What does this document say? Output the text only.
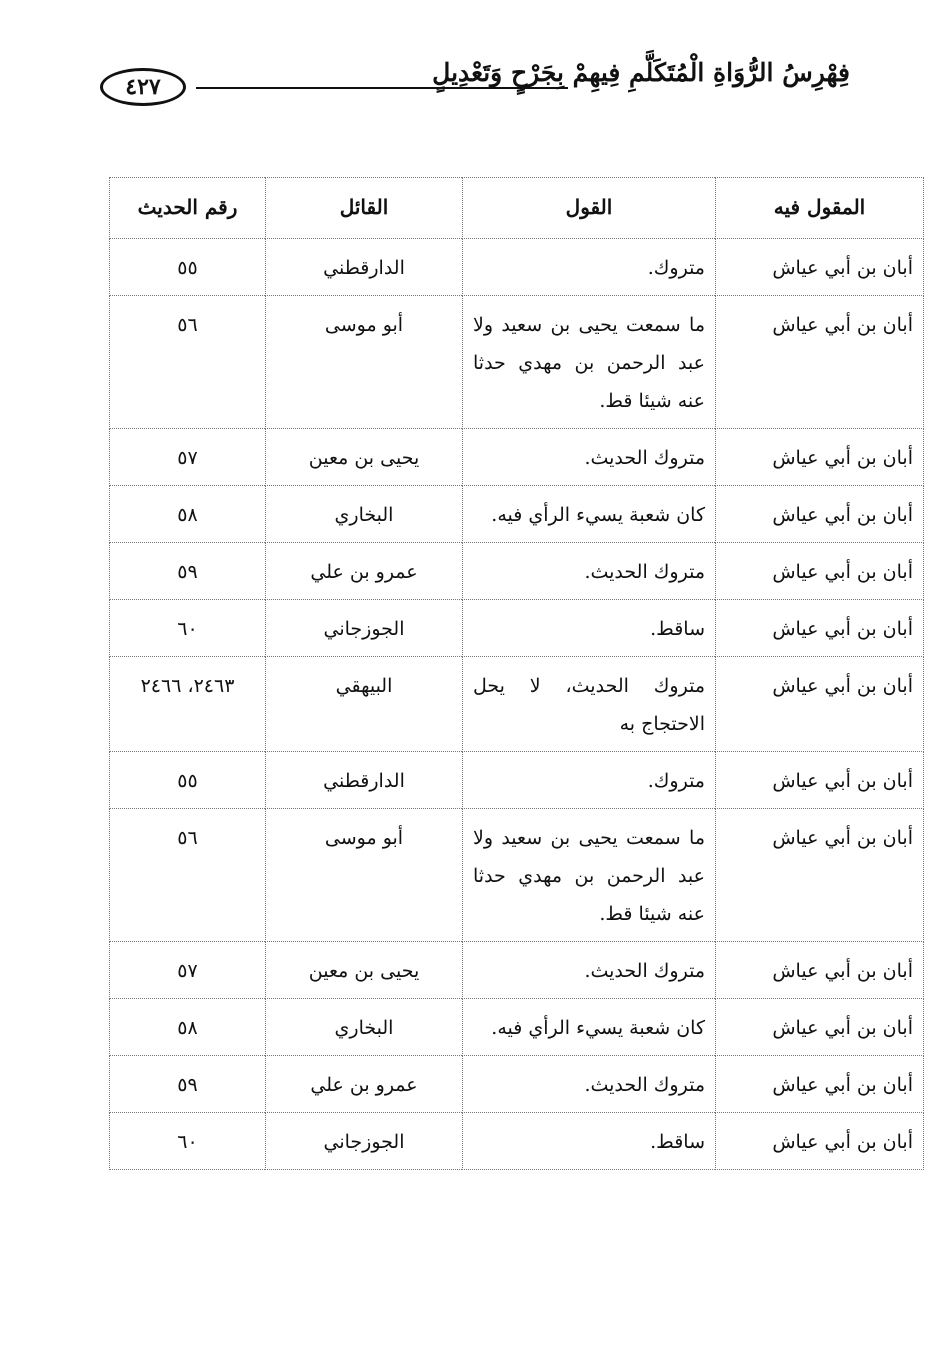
٤٢٧	فِهْرِسُ الرُّوَاةِ الْمُتَكَلَّمِ فِيهِمْ بِجَرْحٍ وَتَعْدِيلٍ
المقول فيه	القول	القائل	رقم الحديث
أبان بن أبي عياش	متروك.	الدارقطني	٥٥
أبان بن أبي عياش	ما سمعت يحيى بن سعيد ولا عبد الرحمن بن مهدي حدثا عنه شيئا قط.	أبو موسى	٥٦
أبان بن أبي عياش	متروك الحديث.	يحيى بن معين	٥٧
أبان بن أبي عياش	كان شعبة يسيء الرأي فيه.	البخاري	٥٨
أبان بن أبي عياش	متروك الحديث.	عمرو بن علي	٥٩
أبان بن أبي عياش	ساقط.	الجوزجاني	٦٠
أبان بن أبي عياش	متروك الحديث، لا يحل الاحتجاج به	البيهقي	٢٤٦٣، ٢٤٦٦
أبان بن أبي عياش	متروك.	الدارقطني	٥٥
أبان بن أبي عياش	ما سمعت يحيى بن سعيد ولا عبد الرحمن بن مهدي حدثا عنه شيئا قط.	أبو موسى	٥٦
أبان بن أبي عياش	متروك الحديث.	يحيى بن معين	٥٧
أبان بن أبي عياش	كان شعبة يسيء الرأي فيه.	البخاري	٥٨
أبان بن أبي عياش	متروك الحديث.	عمرو بن علي	٥٩
أبان بن أبي عياش	ساقط.	الجوزجاني	٦٠
